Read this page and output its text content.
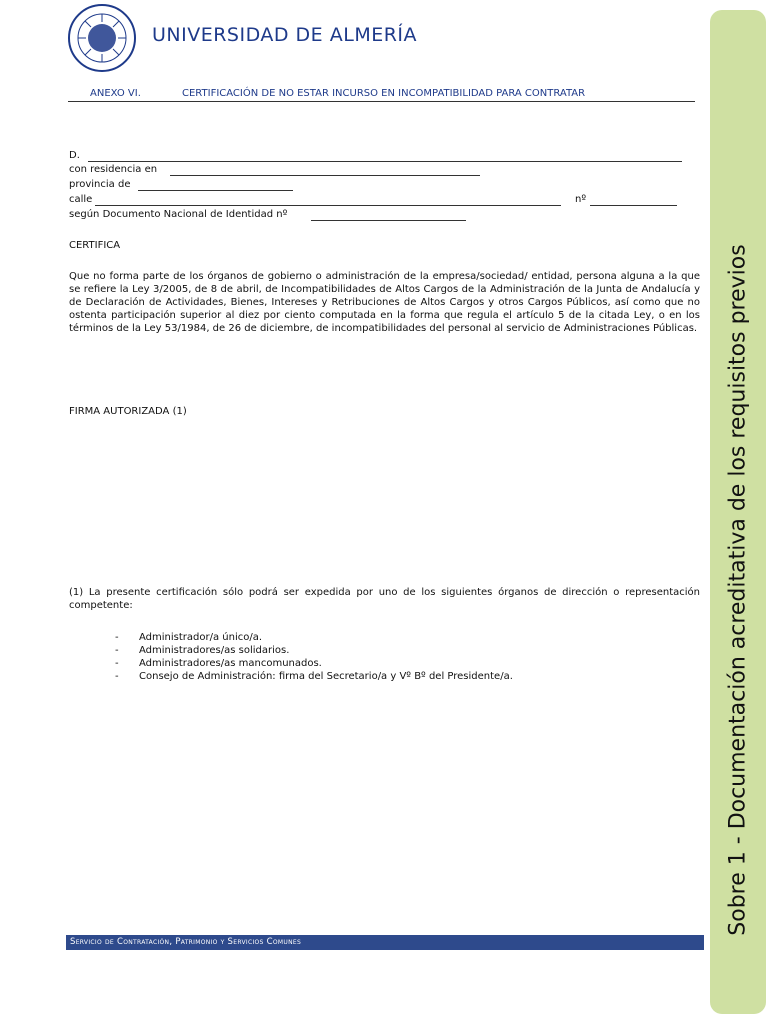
UNIVERSIDAD DE ALMERÍA
ANEXO VI.	CERTIFICACIÓN DE NO ESTAR INCURSO EN INCOMPATIBILIDAD PARA CONTRATAR
D.
con residencia en
provincia de
calle	nº
según Documento Nacional de Identidad nº
CERTIFICA
Que no forma parte de los órganos de gobierno o administración de la empresa/sociedad/ entidad, persona alguna a la que se refiere la Ley 3/2005, de 8 de abril, de Incompatibilidades de Altos Cargos de la Administración de la Junta de Andalucía y de Declaración de Actividades, Bienes, Intereses y Retribuciones de Altos Cargos y otros Cargos Públicos, así como que no ostenta participación superior al diez por ciento computada en la forma que regula el artículo 5 de la citada Ley, o en los términos de la Ley 53/1984, de 26 de diciembre, de incompatibilidades del personal al servicio de Administraciones Públicas.
FIRMA AUTORIZADA (1)
(1) La presente certificación sólo podrá ser expedida por uno de los siguientes órganos de dirección o representación competente:
- Administrador/a único/a.
- Administradores/as solidarios.
- Administradores/as mancomunados.
- Consejo de Administración: firma del Secretario/a y Vº Bº del Presidente/a.
Servicio de Contratación, Patrimonio y Servicios Comunes
Sobre 1 - Documentación acreditativa de los requisitos previos
